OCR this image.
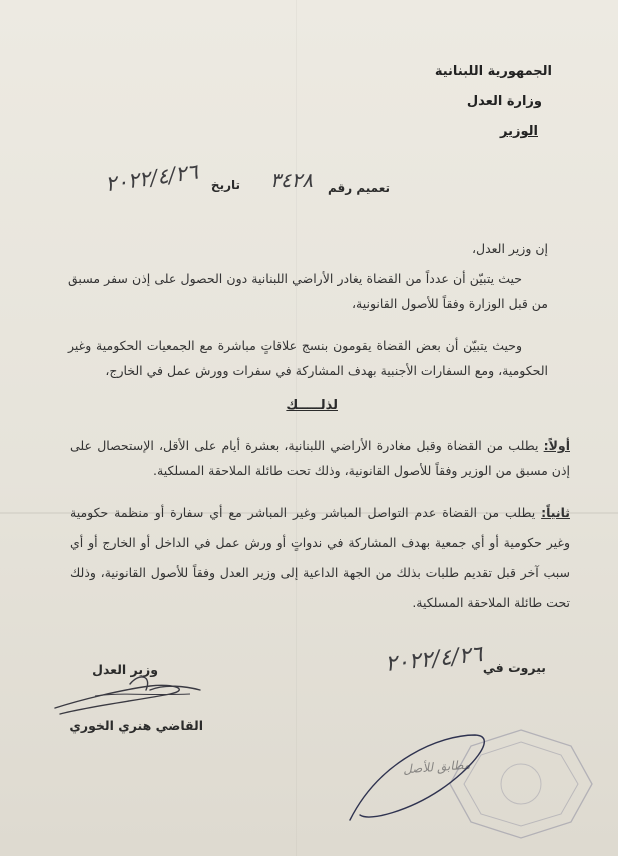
الجمهورية اللبنانية
وزارة العدل
الوزير
تعميم رقم
٣٤٢٨
تاريخ
٢٠٢٢/٤/٢٦
إن وزير العدل،
حيث يتبيّن أن عدداً من القضاة يغادر الأراضي اللبنانية دون الحصول على إذن سفر مسبق من قبل الوزارة وفقاً للأصول القانونية،
وحيث يتبيّن أن بعض القضاة يقومون بنسج علاقاتٍ مباشرة مع الجمعيات الحكومية وغير الحكومية، ومع السفارات الأجنبية بهدف المشاركة في سفرات وورش عمل في الخارج،
لذلـــــك
أولاً: يطلب من القضاة وقبل مغادرة الأراضي اللبنانية، بعشرة أيام على الأقل، الإستحصال على إذن مسبق من الوزير وفقاً للأصول القانونية، وذلك تحت طائلة الملاحقة المسلكية.
ثانياً: يطلب من القضاة عدم التواصل المباشر وغير المباشر مع أي سفارة أو منظمة حكومية وغير حكومية أو أي جمعية بهدف المشاركة في ندواتٍ أو ورش عمل في الداخل أو الخارج أو أي سبب آخر قبل تقديم طلبات بذلك من الجهة الداعية إلى وزير العدل وفقاً للأصول القانونية، وذلك تحت طائلة الملاحقة المسلكية.
بيروت في
٢٠٢٢/٤/٢٦
وزير العدل
القاضي هنري الخوري
مطابق للأصل
